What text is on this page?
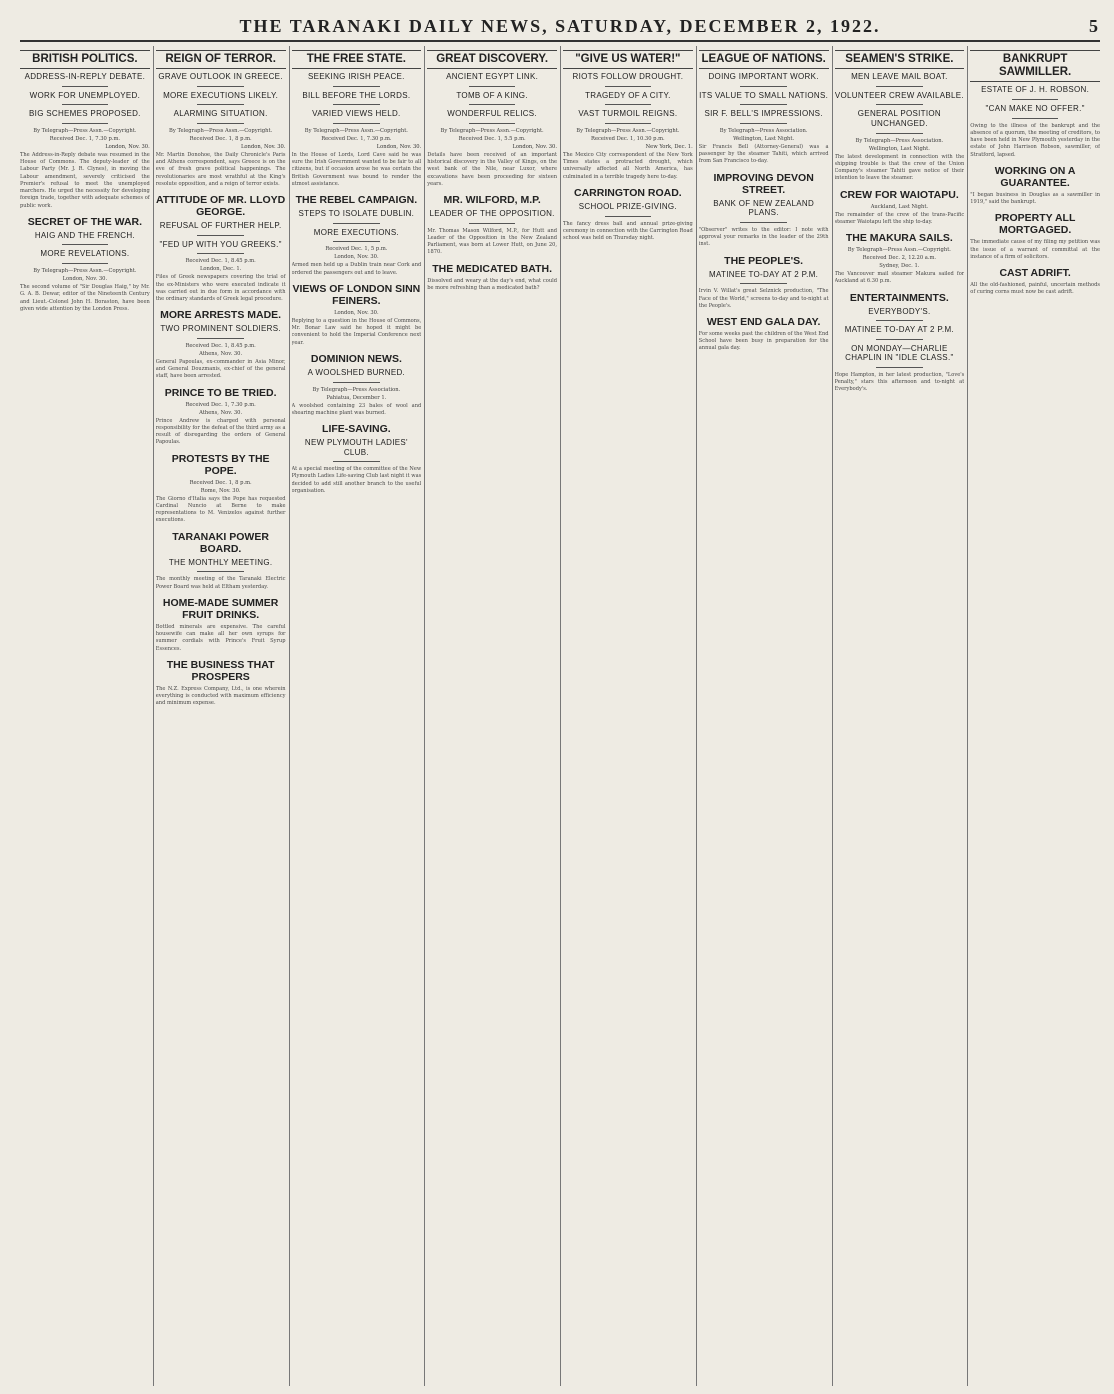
THE TARANAKI DAILY NEWS, SATURDAY, DECEMBER 2, 1922.	5
BRITISH POLITICS.
ADDRESS-IN-REPLY DEBATE.
WORK FOR UNEMPLOYED.
BIG SCHEMES PROPOSED.
By Telegraph—Press Assn.—Copyright.
Received Dec. 1, 7.30 p.m.
London, Nov. 30.
The Address-in-Reply debate was resumed in the House of Commons. The deputy-leader of the Labour Party (Mr. J. R. Clynes), in moving the Labour amendment, severely criticised the Premier's refusal to meet the unemployed marchers. He urged the necessity for developing foreign trade, together with adequate schemes of public work.
SECRET OF THE WAR.
HAIG AND THE FRENCH.
MORE REVELATIONS.
By Telegraph—Press Assn.—Copyright.
London, Nov. 30.
The second volume of "Sir Douglas Haig," by Mr. G. A. B. Dewar, editor of the Nineteenth Century and Lieut.-Colonel John H. Boraston, have been given wide attention by the London Press.
REIGN OF TERROR.
GRAVE OUTLOOK IN GREECE.
MORE EXECUTIONS LIKELY.
ALARMING SITUATION.
By Telegraph—Press Assn.—Copyright.
Received Dec. 1, 8 p.m.
London, Nov. 30.
Mr. Martin Donohoe, the Daily Chronicle's Paris and Athens correspondent, says Greece is on the eve of fresh grave political happenings. The revolutionaries are most wrathful at the King's resolute opposition, and a reign of terror exists.
ATTITUDE OF MR. LLOYD GEORGE.
REFUSAL OF FURTHER HELP.
"FED UP WITH YOU GREEKS."
Received Dec. 1, 8.45 p.m.
London, Dec. 1.
Files of Greek newspapers covering the trial of the ex-Ministers who were executed indicate it was carried out in due form in accordance with the ordinary standards of Greek legal procedure.
MORE ARRESTS MADE.
TWO PROMINENT SOLDIERS.
Received Dec. 1, 8.45 p.m.
Athens, Nov. 30.
General Papoulas, ex-commander in Asia Minor, and General Douzmanis, ex-chief of the general staff, have been arrested.
PRINCE TO BE TRIED.
Received Dec. 1, 7.30 p.m.
Athens, Nov. 30.
Prince Andrew is charged with personal responsibility for the defeat of the third army as a result of disregarding the orders of General Papoulas.
PROTESTS BY THE POPE.
Received Dec. 1, 8 p.m.
Rome, Nov. 30.
The Giorno d'Italia says the Pope has requested Cardinal Nuncio at Berne to make representations to M. Venizelos against further executions.
TARANAKI POWER BOARD.
THE MONTHLY MEETING.
The monthly meeting of the Taranaki Electric Power Board was held at Eltham yesterday.
HOME-MADE SUMMER FRUIT DRINKS.
Bottled minerals are expensive. The careful housewife can make all her own syrups for summer cordials with Prince's Fruit Syrup Essences.
THE BUSINESS THAT PROSPERS
The N.Z. Express Company, Ltd., is one wherein everything is conducted with maximum efficiency and minimum expense.
THE FREE STATE.
SEEKING IRISH PEACE.
BILL BEFORE THE LORDS.
VARIED VIEWS HELD.
By Telegraph—Press Assn.—Copyright.
Received Dec. 1, 7.30 p.m.
London, Nov. 30.
In the House of Lords, Lord Cave said he was sure the Irish Government wanted to be fair to all citizens, but if occasion arose he was certain the British Government was bound to render the utmost assistance.
THE REBEL CAMPAIGN.
STEPS TO ISOLATE DUBLIN.
MORE EXECUTIONS.
Received Dec. 1, 5 p.m.
London, Nov. 30.
Armed men held up a Dublin train near Cork and ordered the passengers out and to leave.
VIEWS OF LONDON SINN FEINERS.
London, Nov. 30.
Replying to a question in the House of Commons, Mr. Bonar Law said he hoped it might be convenient to hold the Imperial Conference next year.
DOMINION NEWS.
A WOOLSHED BURNED.
By Telegraph—Press Association.
Pahiatua, December 1.
A woolshed containing 23 bales of wool and shearing machine plant was burned.
LIFE-SAVING.
NEW PLYMOUTH LADIES' CLUB.
At a special meeting of the committee of the New Plymouth Ladies Life-saving Club last night it was decided to add still another branch to the useful organisation.
GREAT DISCOVERY.
ANCIENT EGYPT LINK.
TOMB OF A KING.
WONDERFUL RELICS.
By Telegraph—Press Assn.—Copyright.
Received Dec. 1, 5.5 p.m.
London, Nov. 30.
Details have been received of an important historical discovery in the Valley of Kings, on the west bank of the Nile, near Luxor, where excavations have been proceeding for sixteen years.
MR. WILFORD, M.P.
LEADER OF THE OPPOSITION.
Mr. Thomas Mason Wilford, M.P., for Hutt and Leader of the Opposition in the New Zealand Parliament, was born at Lower Hutt, on June 20, 1870.
THE MEDICATED BATH.
Dissolved and weary at the day's end, what could be more refreshing than a medicated bath?
"GIVE US WATER!"
RIOTS FOLLOW DROUGHT.
TRAGEDY OF A CITY.
VAST TURMOIL REIGNS.
By Telegraph—Press Assn.—Copyright.
Received Dec. 1, 10.30 p.m.
New York, Dec. 1.
The Mexico City correspondent of the New York Times states a protracted drought, which universally affected all North America, has culminated in a terrible tragedy here to-day.
CARRINGTON ROAD.
SCHOOL PRIZE-GIVING.
The fancy dress ball and annual prize-giving ceremony in connection with the Carrington Road school was held on Thursday night.
LEAGUE OF NATIONS.
DOING IMPORTANT WORK.
ITS VALUE TO SMALL NATIONS.
SIR F. BELL'S IMPRESSIONS.
By Telegraph—Press Association.
Wellington, Last Night.
Sir Francis Bell (Attorney-General) was a passenger by the steamer Tahiti, which arrived from San Francisco to-day.
IMPROVING DEVON STREET.
BANK OF NEW ZEALAND PLANS.
"Observer" writes to the editor: I note with approval your remarks in the leader of the 29th inst.
THE PEOPLE'S.
MATINEE TO-DAY AT 2 P.M.
Irvin V. Willat's great Selznick production, "The Face of the World," screens to-day and to-night at the People's.
WEST END GALA DAY.
For some weeks past the children of the West End School have been busy in preparation for the annual gala day.
SEAMEN'S STRIKE.
MEN LEAVE MAIL BOAT.
VOLUNTEER CREW AVAILABLE.
GENERAL POSITION UNCHANGED.
By Telegraph—Press Association.
Wellington, Last Night.
The latest development in connection with the shipping trouble is that the crew of the Union Company's steamer Tahiti gave notice of their intention to leave the steamer.
CREW FOR WAIOTAPU.
Auckland, Last Night.
The remainder of the crew of the trans-Pacific steamer Waiotapu left the ship to-day.
THE MAKURA SAILS.
By Telegraph—Press Assn.—Copyright.
Received Dec. 2, 12.20 a.m.
Sydney, Dec. 1.
The Vancouver mail steamer Makura sailed for Auckland at 6.30 p.m.
ENTERTAINMENTS.
EVERYBODY'S.
MATINEE TO-DAY AT 2 P.M.
ON MONDAY—CHARLIE CHAPLIN IN "IDLE CLASS."
Hope Hampton, in her latest production, "Love's Penalty," stars this afternoon and to-night at Everybody's.
BANKRUPT SAWMILLER.
ESTATE OF J. H. ROBSON.
"CAN MAKE NO OFFER."
Owing to the illness of the bankrupt and the absence of a quorum, the meeting of creditors, to have been held in New Plymouth yesterday in the estate of John Harrison Robson, sawmiller, of Stratford, lapsed.
WORKING ON A GUARANTEE.
"I began business in Douglas as a sawmiller in 1919," said the bankrupt.
PROPERTY ALL MORTGAGED.
The immediate cause of my filing my petition was the issue of a warrant of committal at the instance of a firm of solicitors.
CAST ADRIFT.
All the old-fashioned, painful, uncertain methods of curing corns must now be cast adrift.
